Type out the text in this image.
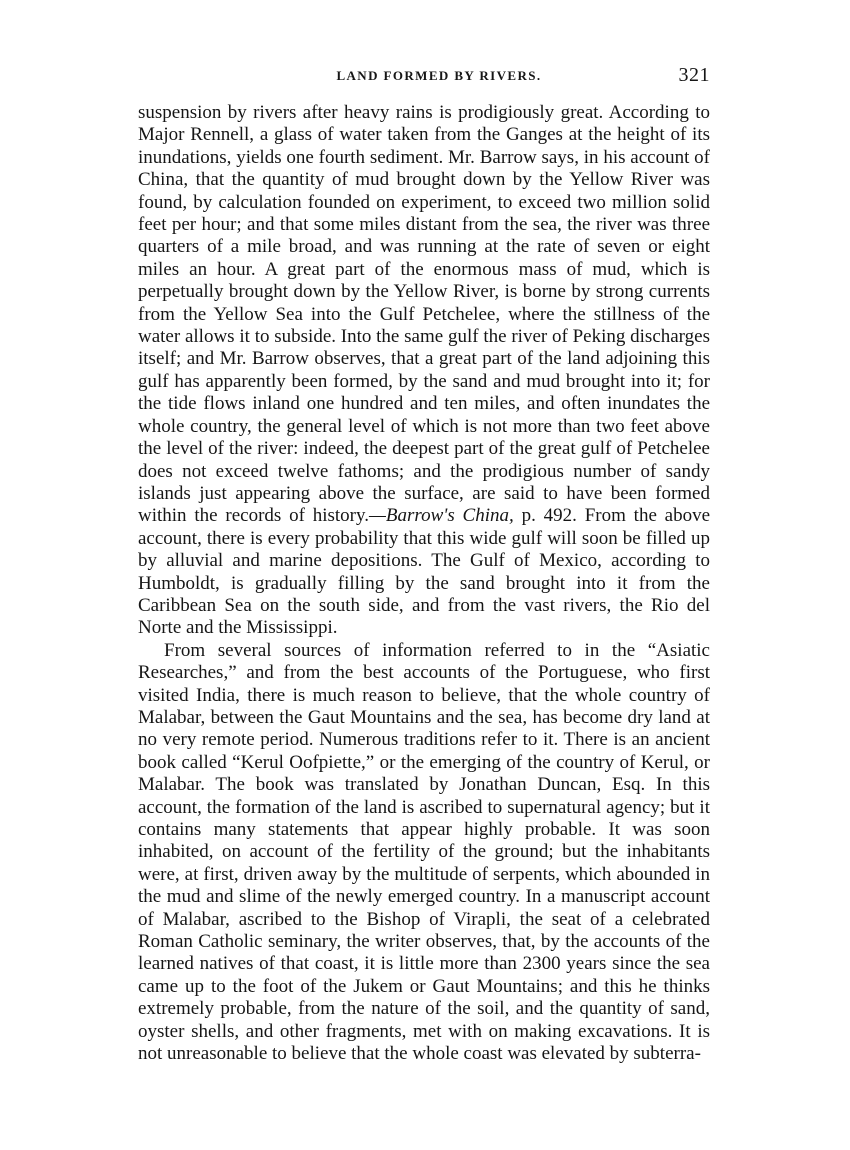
LAND FORMED BY RIVERS.	321

suspension by rivers after heavy rains is prodigiously great. According to Major Rennell, a glass of water taken from the Ganges at the height of its inundations, yields one fourth sediment. Mr. Barrow says, in his account of China, that the quantity of mud brought down by the Yellow River was found, by calculation founded on experiment, to exceed two million solid feet per hour; and that some miles distant from the sea, the river was three quarters of a mile broad, and was running at the rate of seven or eight miles an hour. A great part of the enormous mass of mud, which is perpetually brought down by the Yellow River, is borne by strong currents from the Yellow Sea into the Gulf Petchelee, where the stillness of the water allows it to subside. Into the same gulf the river of Peking discharges itself; and Mr. Barrow observes, that a great part of the land adjoining this gulf has apparently been formed, by the sand and mud brought into it; for the tide flows inland one hundred and ten miles, and often inundates the whole country, the general level of which is not more than two feet above the level of the river: indeed, the deepest part of the great gulf of Petchelee does not exceed twelve fathoms; and the prodigious number of sandy islands just appearing above the surface, are said to have been formed within the records of history.—Barrow's China, p. 492. From the above account, there is every probability that this wide gulf will soon be filled up by alluvial and marine depositions. The Gulf of Mexico, according to Humboldt, is gradually filling by the sand brought into it from the Caribbean Sea on the south side, and from the vast rivers, the Rio del Norte and the Mississippi.

From several sources of information referred to in the “Asiatic Researches,” and from the best accounts of the Portuguese, who first visited India, there is much reason to believe, that the whole country of Malabar, between the Gaut Mountains and the sea, has become dry land at no very remote period. Numerous traditions refer to it. There is an ancient book called “Kerul Oofpiette,” or the emerging of the country of Kerul, or Malabar. The book was translated by Jonathan Duncan, Esq. In this account, the formation of the land is ascribed to supernatural agency; but it contains many statements that appear highly probable. It was soon inhabited, on account of the fertility of the ground; but the inhabitants were, at first, driven away by the multitude of serpents, which abounded in the mud and slime of the newly emerged country. In a manuscript account of Malabar, ascribed to the Bishop of Virapli, the seat of a celebrated Roman Catholic seminary, the writer observes, that, by the accounts of the learned natives of that coast, it is little more than 2300 years since the sea came up to the foot of the Jukem or Gaut Mountains; and this he thinks extremely probable, from the nature of the soil, and the quantity of sand, oyster shells, and other fragments, met with on making excavations. It is not unreasonable to believe that the whole coast was elevated by subterra-
